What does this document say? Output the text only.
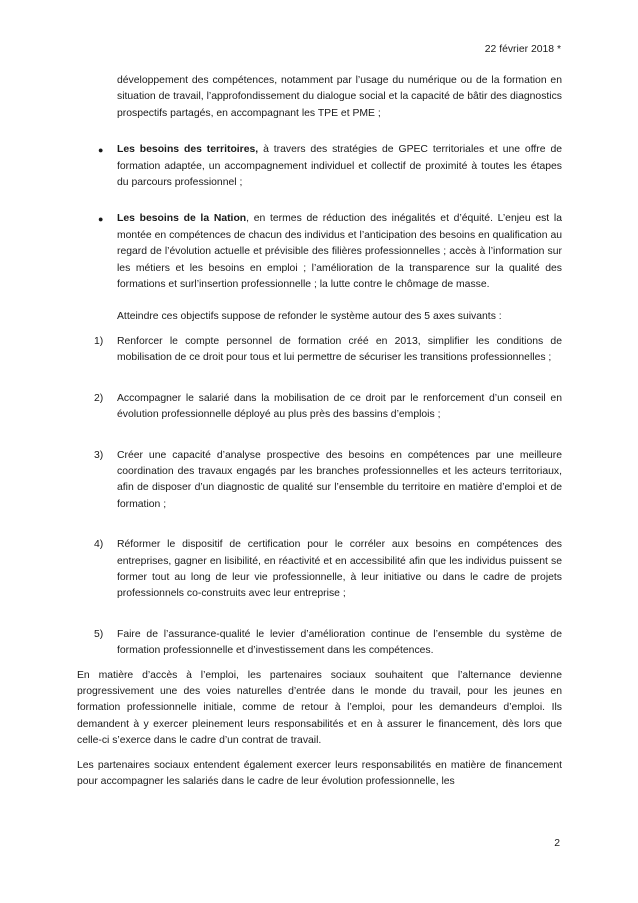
22 février 2018 *
développement des compétences, notamment par l’usage du numérique ou de la formation en situation de travail, l’approfondissement du dialogue social et la capacité de bâtir des diagnostics prospectifs partagés, en accompagnant les TPE et PME ;
● Les besoins des territoires, à travers des stratégies de GPEC territoriales et une offre de formation adaptée, un accompagnement individuel et collectif de proximité à toutes les étapes du parcours professionnel ;
● Les besoins de la Nation, en termes de réduction des inégalités et d’équité. L’enjeu est la montée en compétences de chacun des individus et l’anticipation des besoins en qualification au regard de l’évolution actuelle et prévisible des filières professionnelles ; accès à l’information sur les métiers et les besoins en emploi ; l’amélioration de la transparence sur la qualité des formations et surl’insertion professionnelle ; la lutte contre le chômage de masse.
Atteindre ces objectifs suppose de refonder le système autour des 5 axes suivants :
1) Renforcer le compte personnel de formation créé en 2013, simplifier les conditions de mobilisation de ce droit pour tous et lui permettre de sécuriser les transitions professionnelles ;
2) Accompagner le salarié dans la mobilisation de ce droit par le renforcement d’un conseil en évolution professionnelle déployé au plus près des bassins d’emplois ;
3) Créer une capacité d’analyse prospective des besoins en compétences par une meilleure coordination des travaux engagés par les branches professionnelles et les acteurs territoriaux, afin de disposer d’un diagnostic de qualité sur l’ensemble du territoire en matière d’emploi et de formation ;
4) Réformer le dispositif de certification pour le corréler aux besoins en compétences des entreprises, gagner en lisibilité, en réactivité et en accessibilité afin que les individus puissent se former tout au long de leur vie professionnelle, à leur initiative ou dans le cadre de projets professionnels co-construits avec leur entreprise ;
5) Faire de l’assurance-qualité le levier d’amélioration continue de l’ensemble du système de formation professionnelle et d’investissement dans les compétences.
En matière d’accès à l’emploi, les partenaires sociaux souhaitent que l’alternance devienne progressivement une des voies naturelles d’entrée dans le monde du travail, pour les jeunes en formation professionnelle initiale, comme de retour à l’emploi, pour les demandeurs d’emploi. Ils demandent à y exercer pleinement leurs responsabilités et en à assurer le financement, dès lors que celle-ci s’exerce dans le cadre d’un contrat de travail.
Les partenaires sociaux entendent également exercer leurs responsabilités en matière de financement pour accompagner les salariés dans le cadre de leur évolution professionnelle, les
2
